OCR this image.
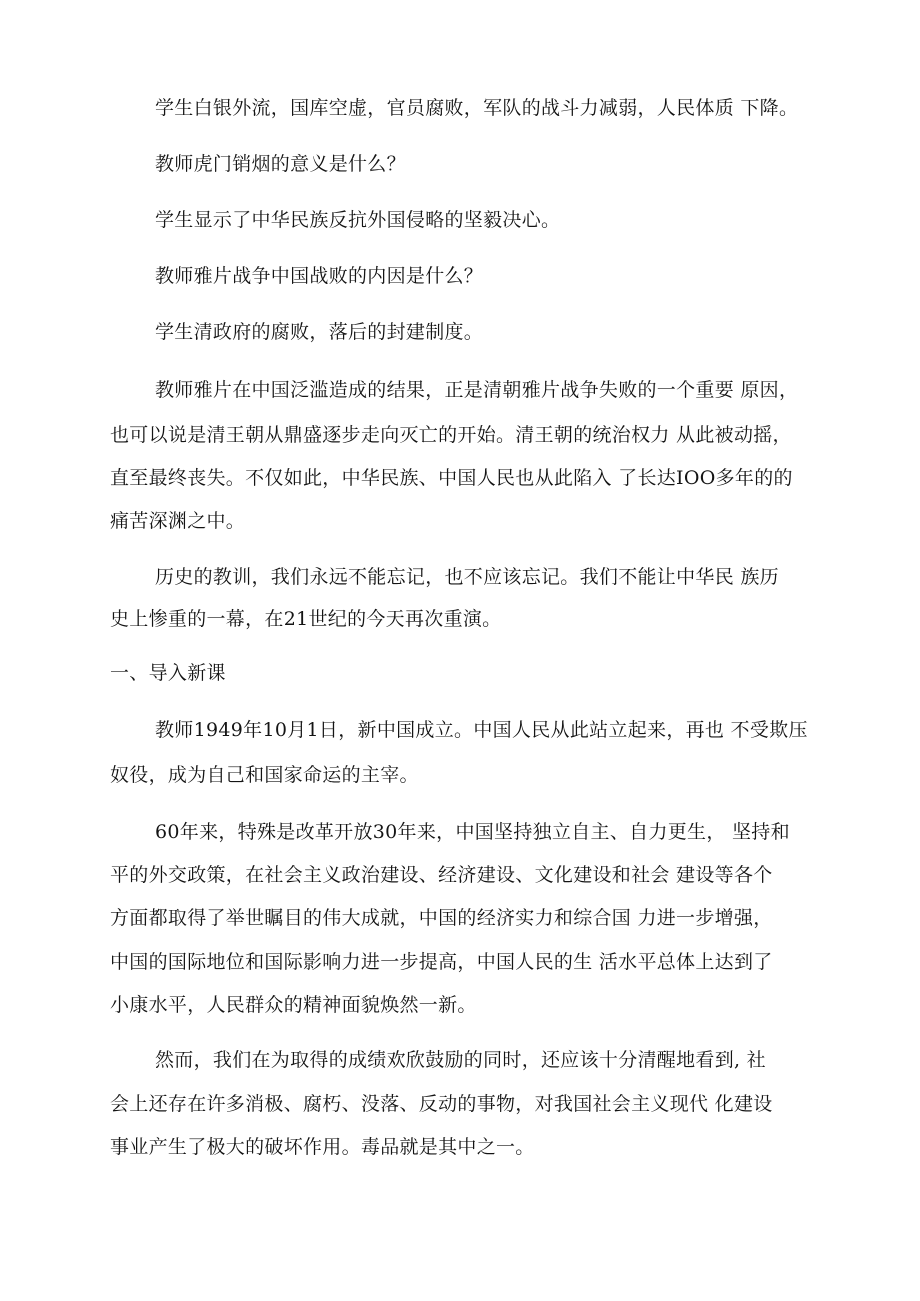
学生白银外流，国库空虚，官员腐败，军队的战斗力减弱，人民体质 下降。

教师虎门销烟的意义是什么？

学生显示了中华民族反抗外国侵略的坚毅决心。

教师雅片战争中国战败的内因是什么？

学生清政府的腐败，落后的封建制度。

教师雅片在中国泛滥造成的结果，正是清朝雅片战争失败的一个重要 原因，

也可以说是清王朝从鼎盛逐步走向灭亡的开始。清王朝的统治权力 从此被动摇，

直至最终丧失。不仅如此，中华民族、中国人民也从此陷入 了长达IOO多年的的

痛苦深渊之中。

历史的教训，我们永远不能忘记，也不应该忘记。我们不能让中华民 族历

史上惨重的一幕，在21世纪的今天再次重演。

一、导入新课

教师1949年10月1日，新中国成立。中国人民从此站立起来，再也 不受欺压

奴役，成为自己和国家命运的主宰。

60年来，特殊是改革开放30年来，中国坚持独立自主、自力更生， 坚持和

平的外交政策，在社会主义政治建设、经济建设、文化建设和社会 建设等各个

方面都取得了举世瞩目的伟大成就，中国的经济实力和综合国 力进一步增强，

中国的国际地位和国际影响力进一步提高，中国人民的生 活水平总体上达到了

小康水平，人民群众的精神面貌焕然一新。

然而，我们在为取得的成绩欢欣鼓励的同时，还应该十分清醒地看到, 社

会上还存在许多消极、腐朽、没落、反动的事物，对我国社会主义现代 化建设

事业产生了极大的破坏作用。毒品就是其中之一。
